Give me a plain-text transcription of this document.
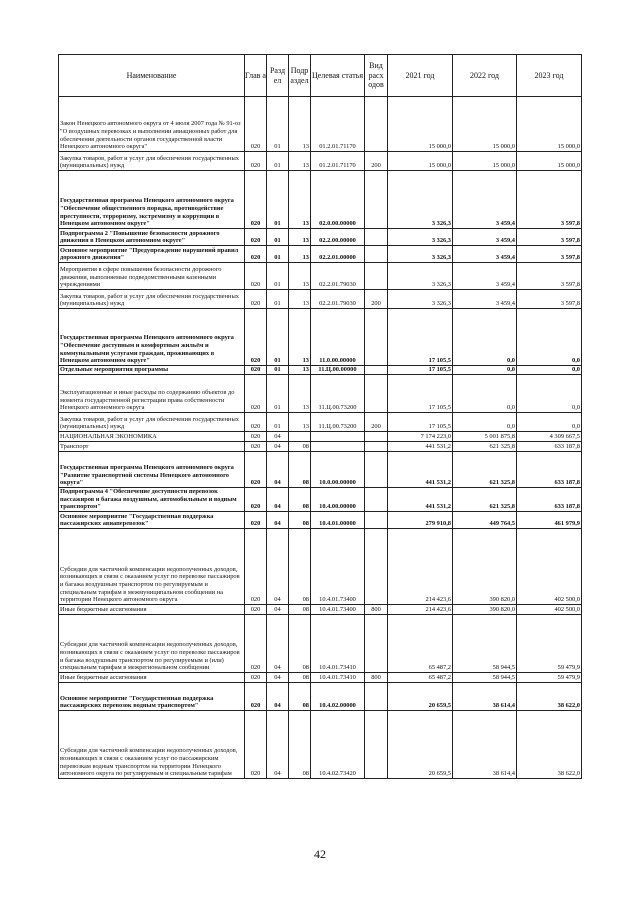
Наименование	Глав а	Разд ел	Подр аздел	Целевая статья	Вид расх одов	2021 год	2022 год	2023 год
Закон Ненецкого автономного округа от 4 июля 2007 года № 91-оз "О воздушных перевозках и выполнении авиационных работ для обеспечения деятельности органов государственной власти Ненецкого автономного округа"	020	01	13	01.2.01.71170		15 000,0	15 000,0	15 000,0
Закупка товаров, работ и услуг для обеспечения государственных (муниципальных) нужд	020	01	13	01.2.01.71170	200	15 000,0	15 000,0	15 000,0
Государственная программа Ненецкого автономного округа "Обеспечение общественного порядка, противодействие преступности, терроризму, экстремизму и коррупции в Ненецком автономном округе"	020	01	13	02.0.00.00000		3 326,3	3 459,4	3 597,8
Подпрограмма 2 "Повышение безопасности дорожного движения в Ненецком автономном округе"	020	01	13	02.2.00.00000		3 326,3	3 459,4	3 597,8
Основное мероприятие "Предупреждение нарушений правил дорожного движения"	020	01	13	02.2.01.00000		3 326,3	3 459,4	3 597,8
Мероприятия в сфере повышения безопасности дорожного движения, выполняемые подведомственными казенными учреждениями	020	01	13	02.2.01.79030		3 326,3	3 459,4	3 597,8
Закупка товаров, работ и услуг для обеспечения государственных (муниципальных) нужд	020	01	13	02.2.01.79030	200	3 326,3	3 459,4	3 597,8
Государственная программа Ненецкого автономного округа "Обеспечение доступным и комфортным жильём и коммунальными услугами граждан, проживающих в Ненецком автономном округе"	020	01	13	11.0.00.00000		17 105,5	0,0	0,0
Отдельные мероприятия программы	020	01	13	11.Ц.00.00000		17 105,5	0,0	0,0
Эксплуатационные и иные расходы по содержанию объектов до момента государственной регистрации права собственности Ненецкого автономного округа	020	01	13	11.Ц.00.73200		17 105,5	0,0	0,0
Закупка товаров, работ и услуг для обеспечения государственных (муниципальных) нужд	020	01	13	11.Ц.00.73200	200	17 105,5	0,0	0,0
НАЦИОНАЛЬНАЯ ЭКОНОМИКА	020	04				7 174 223,0	5 001 875,8	4 309 667,5
Транспорт	020	04	08			441 531,2	621 325,8	633 187,8
Государственная программа Ненецкого автономного округа "Развитие транспортной системы Ненецкого автономного округа"	020	04	08	10.0.00.00000		441 531,2	621 325,8	633 187,8
Подпрограмма 4 "Обеспечение доступности перевозок пассажиров и багажа воздушным, автомобильным и водным транспортом"	020	04	08	10.4.00.00000		441 531,2	621 325,8	633 187,8
Основное мероприятие "Государственная поддержка пассажирских авиаперевозок"	020	04	08	10.4.01.00000		279 910,8	449 764,5	461 979,9
Субсидии для частичной компенсации недополученных доходов, возникающих в связи с оказанием услуг по перевозке пассажиров и багажа воздушным транспортом по регулируемым и специальным тарифам в межмуниципальном сообщении на территории Ненецкого автономного округа	020	04	08	10.4.01.73400		214 423,6	390 820,0	402 500,0
Иные бюджетные ассигнования	020	04	08	10.4.01.73400	800	214 423,6	390 820,0	402 500,0
Субсидии для частичной компенсации недополученных доходов, возникающих в связи с оказанием услуг по перевозке пассажиров и багажа воздушным транспортом по регулируемым и (или) специальным тарифам в межрегиональном сообщении	020	04	08	10.4.01.73410		65 487,2	58 944,5	59 479,9
Иные бюджетные ассигнования	020	04	08	10.4.01.73410	800	65 487,2	58 944,5	59 479,9
Основное мероприятие "Государственная поддержка пассажирских перевозок водным транспортом"	020	04	08	10.4.02.00000		20 659,5	38 614,4	38 622,0
Субсидии для частичной компенсации недополученных доходов, возникающих в связи с оказанием услуг по пассажирским перевозкам водным транспортом на территории Ненецкого автономного округа по регулируемым и специальным тарифам	020	04	08	10.4.02.73420		20 659,5	38 614,4	38 622,0
42
